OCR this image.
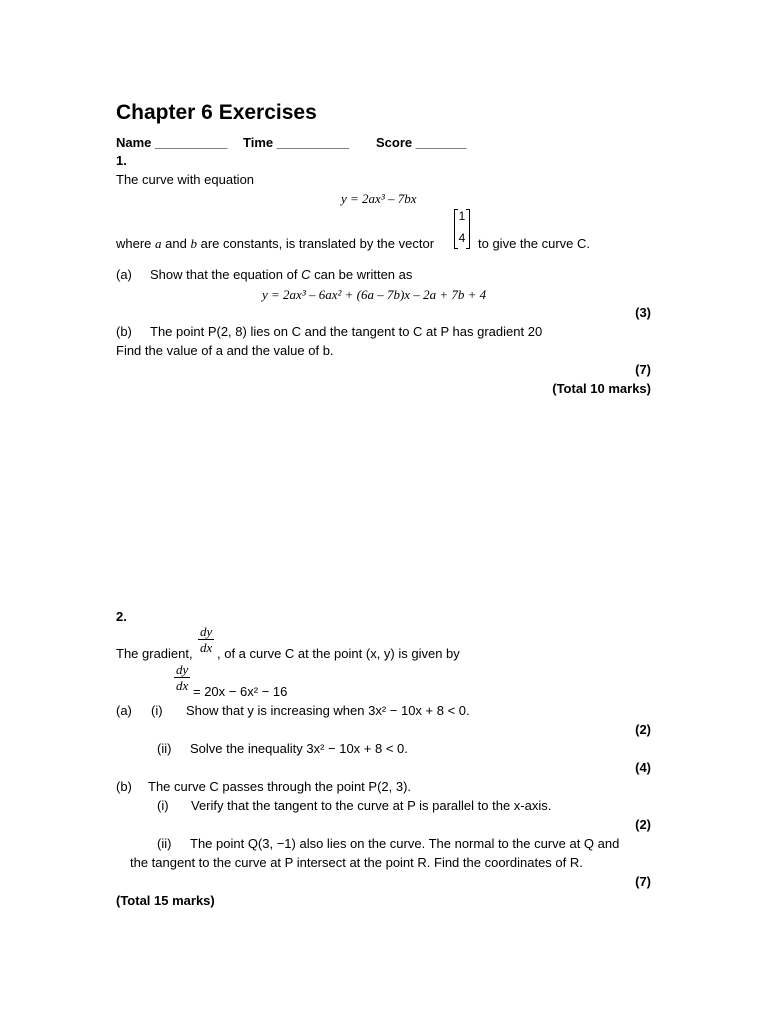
Chapter 6 Exercises
Name __________ Time __________ Score _______
1.
The curve with equation
y = 2ax³ – 7bx
where a and b are constants, is translated by the vector
1
4 to give the curve C.
(a) Show that the equation of C can be written as
y = 2ax³ – 6ax² + (6a – 7b)x – 2a + 7b + 4
(3)
(b) The point P(2, 8) lies on C and the tangent to C at P has gradient 20
Find the value of a and the value of b.
(7)
(Total 10 marks)
2.
$\frac{dy}{dx}$
The gradient, , of a curve C at the point (x, y) is given by
$\frac{dy}{dx} = 20x - 6x^2 - 16$
(a) (i) Show that y is increasing when 3x² − 10x + 8 < 0.
(2)
(ii) Solve the inequality 3x² − 10x + 8 < 0.
(4)
(b) The curve C passes through the point P(2, 3).
(i) Verify that the tangent to the curve at P is parallel to the x-axis.
(2)
(ii) The point Q(3, −1) also lies on the curve. The normal to the curve at Q and
the tangent to the curve at P intersect at the point R. Find the coordinates of R.
(7)
(Total 15 marks)
